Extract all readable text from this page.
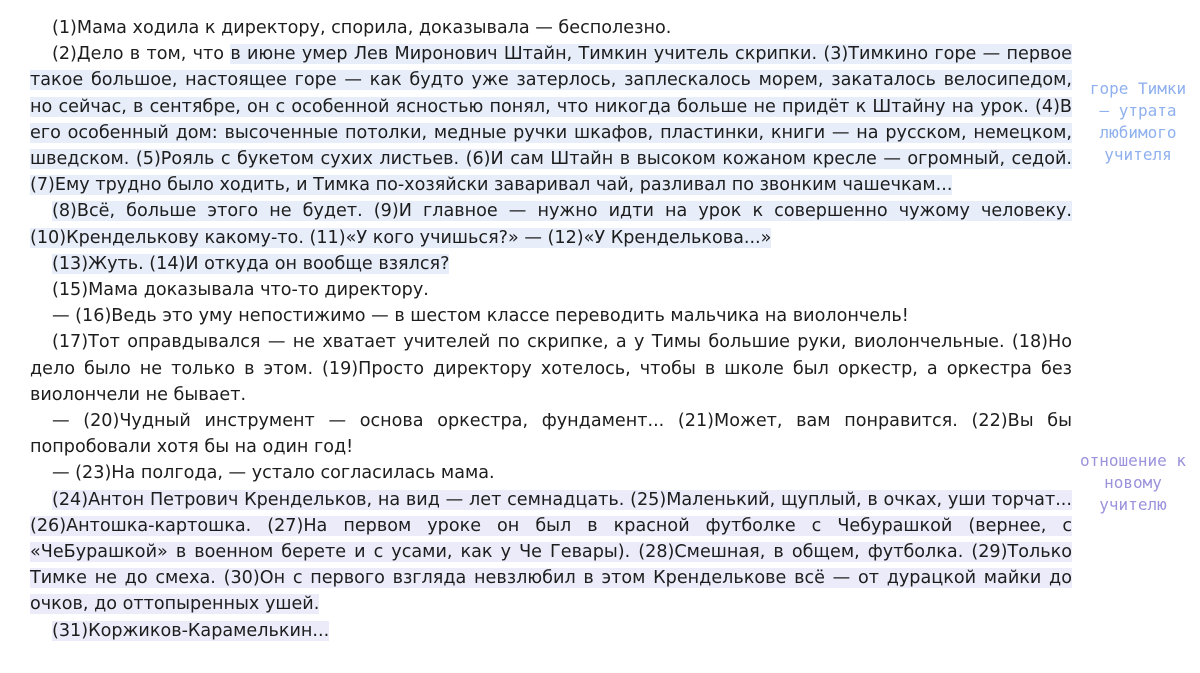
(1)Мама ходила к директору, спорила, доказывала — бесполезно.

(2)Дело в том, что в июне умер Лев Миронович Штайн, Тимкин учитель скрипки. (3)Тимкино горе — первое такое большое, настоящее горе — как будто уже затерлось, заплескалось морем, закаталось велосипедом, но сейчас, в сентябре, он с особенной ясностью понял, что никогда больше не придёт к Штайну на урок. (4)В его особенный дом: высоченные потолки, медные ручки шкафов, пластинки, книги — на русском, немецком, шведском. (5)Рояль с букетом сухих листьев. (6)И сам Штайн в высоком кожаном кресле — огромный, седой. (7)Ему трудно было ходить, и Тимка по-хозяйски заваривал чай, разливал по звонким чашечкам...

(8)Всё, больше этого не будет. (9)И главное — нужно идти на урок к совершенно чужому человеку. (10)Кренделькову какому-то. (11)«У кого учишься?» — (12)«У Кренделькова...»

(13)Жуть. (14)И откуда он вообще взялся?

(15)Мама доказывала что-то директору.

— (16)Ведь это уму непостижимо — в шестом классе переводить мальчика на виолончель!

(17)Тот оправдывался — не хватает учителей по скрипке, а у Тимы большие руки, виолончельные. (18)Но дело было не только в этом. (19)Просто директору хотелось, чтобы в школе был оркестр, а оркестра без виолончели не бывает.

— (20)Чудный инструмент — основа оркестра, фундамент... (21)Может, вам понравится. (22)Вы бы попробовали хотя бы на один год!

— (23)На полгода, — устало согласилась мама.

(24)Антон Петрович Крендельков, на вид — лет семнадцать. (25)Маленький, щуплый, в очках, уши торчат... (26)Антошка-картошка. (27)На первом уроке он был в красной футболке с Чебурашкой (вернее, с «ЧеБурашкой» в военном берете и с усами, как у Че Гевары). (28)Смешная, в общем, футболка. (29)Только Тимке не до смеха. (30)Он с первого взгляда невзлюбил в этом Кренделькове всё — от дурацкой майки до очков, до оттопыренных ушей.

(31)Коржиков-Карамелькин...

горе Тимки — утрата любимого учителя
отношение к новому учителю
